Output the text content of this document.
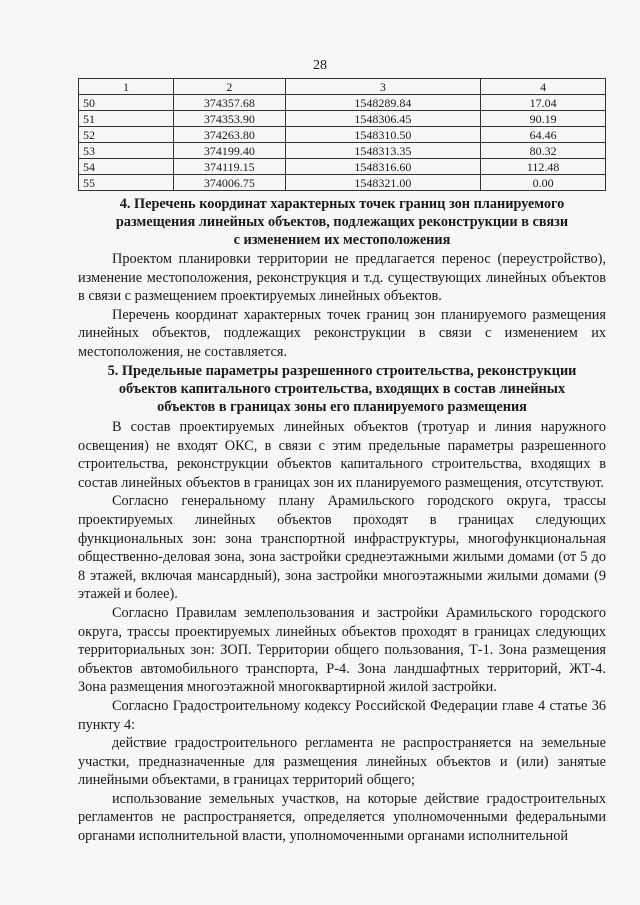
28
1	2	3	4
50	374357.68	1548289.84	17.04
51	374353.90	1548306.45	90.19
52	374263.80	1548310.50	64.46
53	374199.40	1548313.35	80.32
54	374119.15	1548316.60	112.48
55	374006.75	1548321.00	0.00
4. Перечень координат характерных точек границ зон планируемого
размещения линейных объектов, подлежащих реконструкции в связи
с изменением их местоположения

Проектом планировки территории не предлагается перенос (переустройство), изменение местоположения, реконструкция и т.д. существующих линейных объектов в связи с размещением проектируемых линейных объектов.

Перечень координат характерных точек границ зон планируемого размещения линейных объектов, подлежащих реконструкции в связи с изменением их местоположения, не составляется.

5. Предельные параметры разрешенного строительства, реконструкции
объектов капитального строительства, входящих в состав линейных
объектов в границах зоны его планируемого размещения

В состав проектируемых линейных объектов (тротуар и линия наружного освещения) не входят ОКС, в связи с этим предельные параметры разрешенного строительства, реконструкции объектов капитального строительства, входящих в состав линейных объектов в границах зон их планируемого размещения, отсутствуют.

Согласно генеральному плану Арамильского городского округа, трассы проектируемых линейных объектов проходят в границах следующих функциональных зон: зона транспортной инфраструктуры, многофункциональная общественно-деловая зона, зона застройки среднеэтажными жилыми домами (от 5 до 8 этажей, включая мансардный), зона застройки многоэтажными жилыми домами (9 этажей и более).

Согласно Правилам землепользования и застройки Арамильского городского округа, трассы проектируемых линейных объектов проходят в границах следующих территориальных зон: ЗОП. Территории общего пользования, Т-1. Зона размещения объектов автомобильного транспорта, Р-4. Зона ландшафтных территорий, ЖТ-4. Зона размещения многоэтажной многоквартирной жилой застройки.

Согласно Градостроительному кодексу Российской Федерации главе 4 статье 36 пункту 4:

действие градостроительного регламента не распространяется на земельные участки, предназначенные для размещения линейных объектов и (или) занятые линейными объектами, в границах территорий общего;

использование земельных участков, на которые действие градостроительных регламентов не распространяется, определяется уполномоченными федеральными органами исполнительной власти, уполномоченными органами исполнительной
